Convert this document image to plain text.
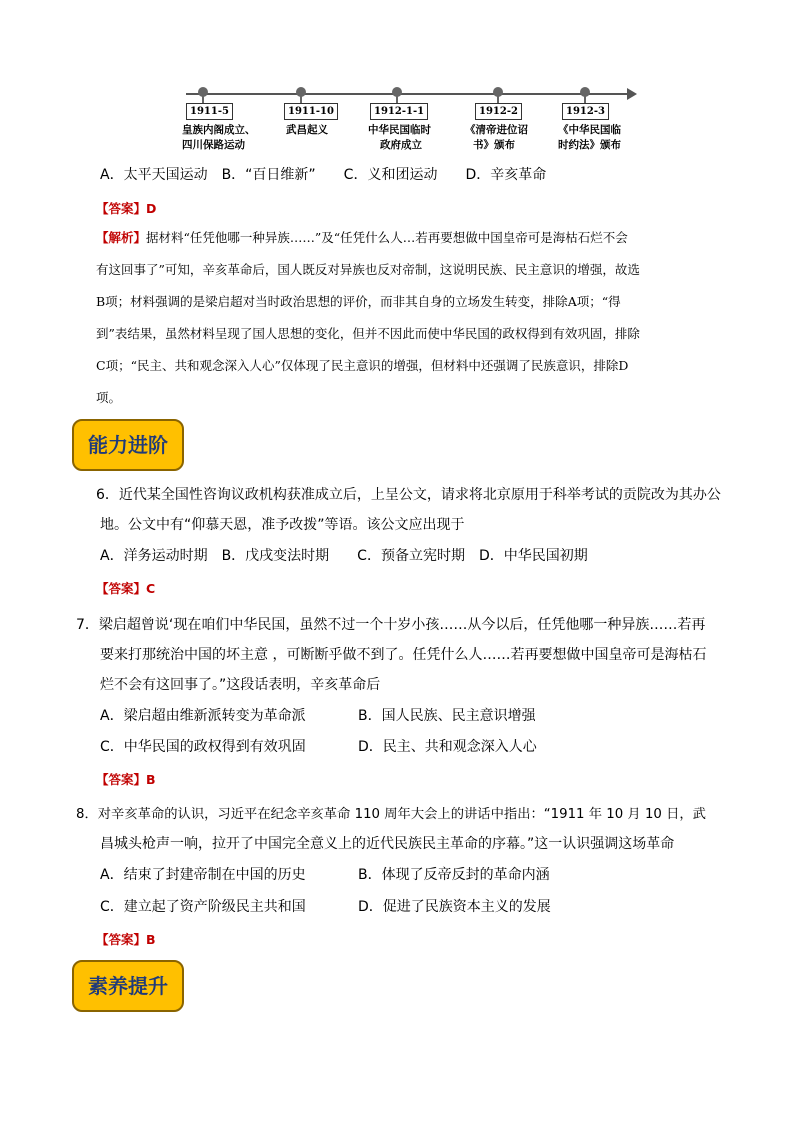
1911-5
皇族内阁成立、
四川保路运动
1911-10
武昌起义
1912-1-1
中华民国临时
政府成立
1912-2
《清帝进位诏
书》颁布
1912-3
《中华民国临
时约法》颁布
A．太平天国运动　B．“百日维新”　　C．义和团运动　　D．辛亥革命
【答案】D
【解析】据材料“任凭他哪一种异族……”及“任凭什么人…若再要想做中国皇帝可是海枯石烂不会
有这回事了”可知，辛亥革命后，国人既反对异族也反对帝制，这说明民族、民主意识的增强，故选
B项；材料强调的是梁启超对当时政治思想的评价，而非其自身的立场发生转变，排除A项；“得
到”表结果，虽然材料呈现了国人思想的变化，但并不因此而使中华民国的政权得到有效巩固，排除
C项；“民主、共和观念深入人心”仅体现了民主意识的增强，但材料中还强调了民族意识，排除D
项。
能力进阶
6．近代某全国性咨询议政机构获准成立后，上呈公文，请求将北京原用于科举考试的贡院改为其办公
地。公文中有“仰慕天恩，准予改拨”等语。该公文应出现于
A．洋务运动时期　B．戊戌变法时期　　C．预备立宪时期　D．中华民国初期
【答案】C
7．梁启超曾说‘现在咱们中华民国，虽然不过一个十岁小孩……从今以后，任凭他哪一种异族……若再
要来打那统治中国的坏主意 ，可断断乎做不到了。任凭什么人……若再要想做中国皇帝可是海枯石
烂不会有这回事了。”这段话表明，辛亥革命后
A．梁启超由维新派转变为革命派	B．国人民族、民主意识增强
C．中华民国的政权得到有效巩固	D．民主、共和观念深入人心
【答案】B
8．对辛亥革命的认识，习近平在纪念辛亥革命 110 周年大会上的讲话中指出：“1911 年 10 月 10 日，武
昌城头枪声一响，拉开了中国完全意义上的近代民族民主革命的序幕。”这一认识强调这场革命
A．结束了封建帝制在中国的历史	B．体现了反帝反封的革命内涵
C．建立起了资产阶级民主共和国	D．促进了民族资本主义的发展
【答案】B
素养提升
